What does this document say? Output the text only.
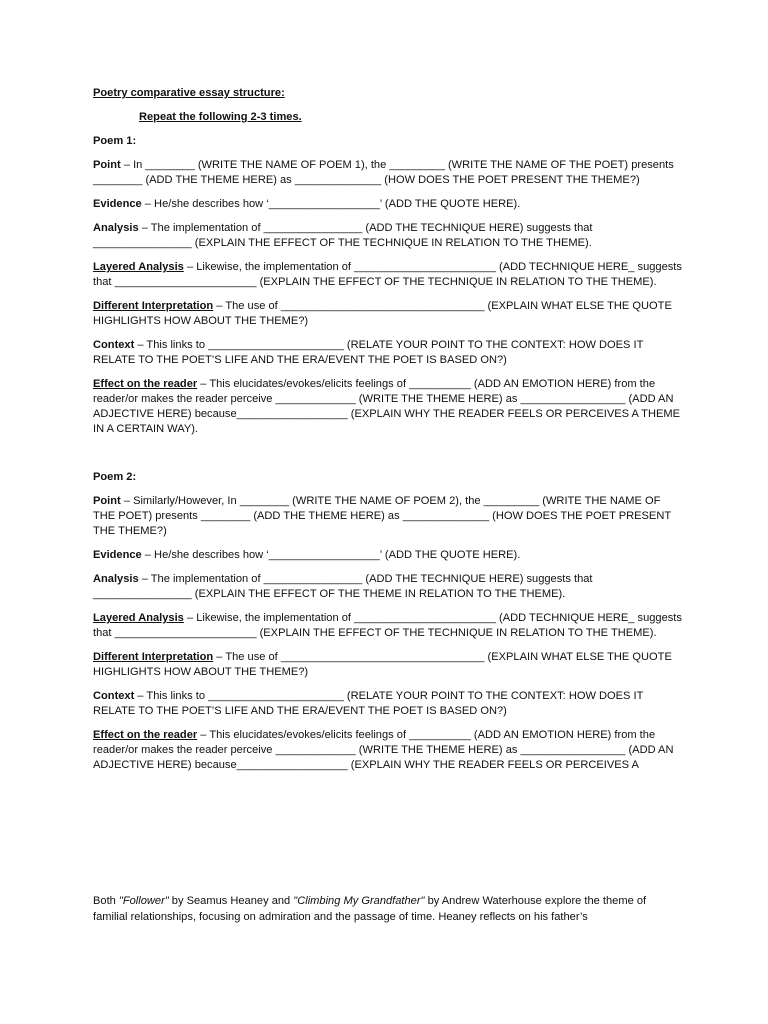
Poetry comparative essay structure:
Repeat the following 2-3 times.
Poem 1:
Point – In ________ (WRITE THE NAME OF POEM 1), the _________ (WRITE THE NAME OF THE POET) presents ________ (ADD THE THEME HERE) as ______________ (HOW DOES THE POET PRESENT THE THEME?)
Evidence – He/she describes how ‘__________________’ (ADD THE QUOTE HERE).
Analysis – The implementation of ________________ (ADD THE TECHNIQUE HERE) suggests that ________________ (EXPLAIN THE EFFECT OF THE TECHNIQUE IN RELATION TO THE THEME).
Layered Analysis – Likewise, the implementation of _______________________ (ADD TECHNIQUE HERE_ suggests that _______________________ (EXPLAIN THE EFFECT OF THE TECHNIQUE IN RELATION TO THE THEME).
Different Interpretation – The use of _________________________________ (EXPLAIN WHAT ELSE THE QUOTE HIGHLIGHTS HOW ABOUT THE THEME?)
Context – This links to ______________________ (RELATE YOUR POINT TO THE CONTEXT: HOW DOES IT RELATE TO THE POET’S LIFE AND THE ERA/EVENT THE POET IS BASED ON?)
Effect on the reader – This elucidates/evokes/elicits feelings of __________ (ADD AN EMOTION HERE) from the reader/or makes the reader perceive _____________ (WRITE THE THEME HERE) as _________________ (ADD AN ADJECTIVE HERE) because__________________ (EXPLAIN WHY THE READER FEELS OR PERCEIVES A THEME IN A CERTAIN WAY).
Poem 2:
Point – Similarly/However, In ________ (WRITE THE NAME OF POEM 2), the _________ (WRITE THE NAME OF THE POET) presents ________ (ADD THE THEME HERE) as ______________ (HOW DOES THE POET PRESENT THE THEME?)
Evidence – He/she describes how ‘__________________’ (ADD THE QUOTE HERE).
Analysis – The implementation of ________________ (ADD THE TECHNIQUE HERE) suggests that ________________ (EXPLAIN THE EFFECT OF THE THEME IN RELATION TO THE THEME).
Layered Analysis – Likewise, the implementation of _______________________ (ADD TECHNIQUE HERE_ suggests that _______________________ (EXPLAIN THE EFFECT OF THE TECHNIQUE IN RELATION TO THE THEME).
Different Interpretation – The use of _________________________________ (EXPLAIN WHAT ELSE THE QUOTE HIGHLIGHTS HOW ABOUT THE THEME?)
Context – This links to ______________________ (RELATE YOUR POINT TO THE CONTEXT: HOW DOES IT RELATE TO THE POET’S LIFE AND THE ERA/EVENT THE POET IS BASED ON?)
Effect on the reader – This elucidates/evokes/elicits feelings of __________ (ADD AN EMOTION HERE) from the reader/or makes the reader perceive _____________ (WRITE THE THEME HERE) as _________________ (ADD AN ADJECTIVE HERE) because__________________ (EXPLAIN WHY THE READER FEELS OR PERCEIVES A
Both "Follower" by Seamus Heaney and "Climbing My Grandfather" by Andrew Waterhouse explore the theme of familial relationships, focusing on admiration and the passage of time. Heaney reflects on his father’s
